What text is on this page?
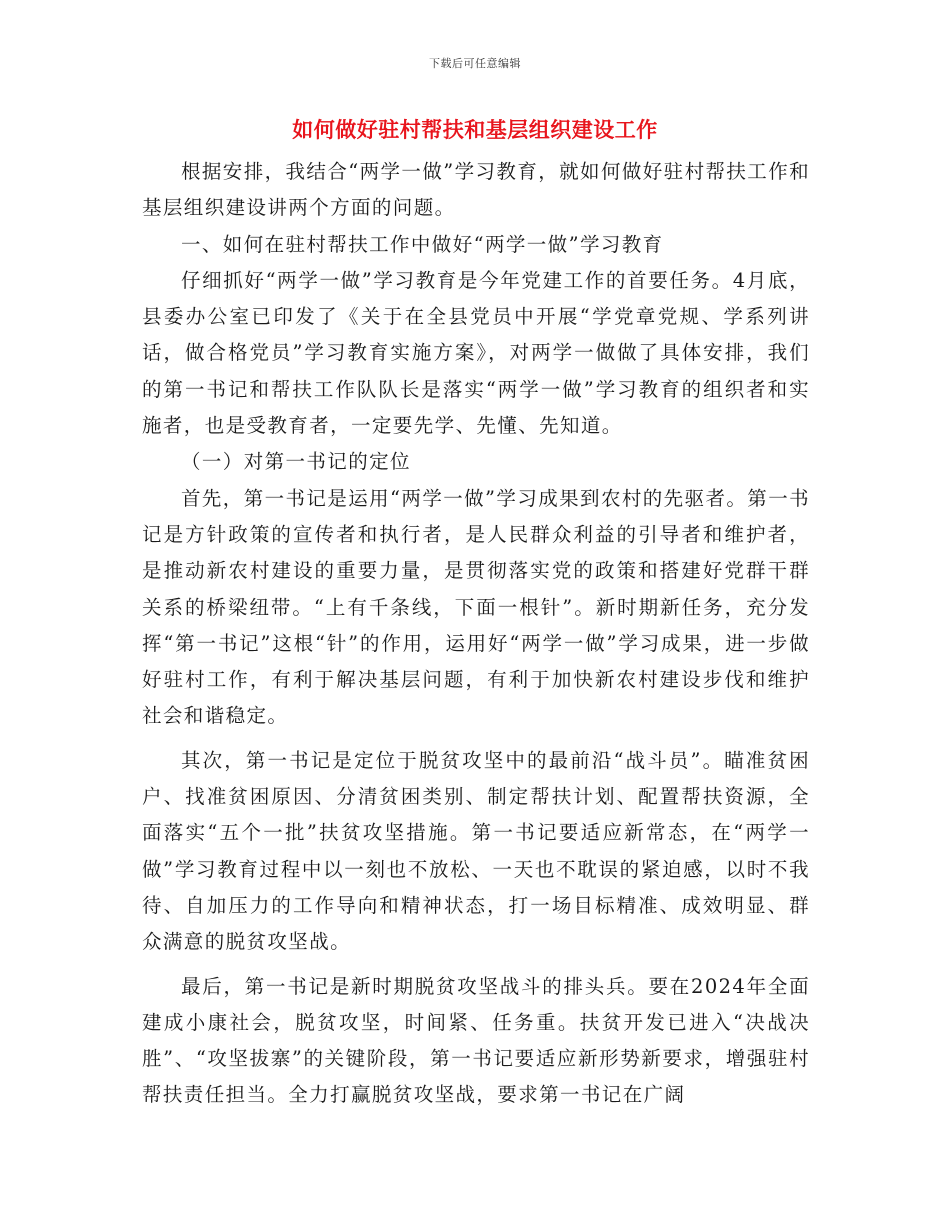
下载后可任意编辑
如何做好驻村帮扶和基层组织建设工作

根据安排，我结合“两学一做”学习教育，就如何做好驻村帮扶工作和基层组织建设讲两个方面的问题。

一、如何在驻村帮扶工作中做好“两学一做”学习教育

仔细抓好“两学一做”学习教育是今年党建工作的首要任务。4月底，县委办公室已印发了《关于在全县党员中开展“学党章党规、学系列讲话，做合格党员”学习教育实施方案》，对两学一做做了具体安排，我们的第一书记和帮扶工作队队长是落实“两学一做”学习教育的组织者和实施者，也是受教育者，一定要先学、先懂、先知道。

（一）对第一书记的定位

首先，第一书记是运用“两学一做”学习成果到农村的先驱者。第一书记是方针政策的宣传者和执行者，是人民群众利益的引导者和维护者，是推动新农村建设的重要力量，是贯彻落实党的政策和搭建好党群干群关系的桥梁纽带。“上有千条线，下面一根针”。新时期新任务，充分发挥“第一书记”这根“针”的作用，运用好“两学一做”学习成果，进一步做好驻村工作，有利于解决基层问题，有利于加快新农村建设步伐和维护社会和谐稳定。

其次，第一书记是定位于脱贫攻坚中的最前沿“战斗员”。瞄准贫困户、找准贫困原因、分清贫困类别、制定帮扶计划、配置帮扶资源，全面落实“五个一批”扶贫攻坚措施。第一书记要适应新常态，在“两学一做”学习教育过程中以一刻也不放松、一天也不耽误的紧迫感，以时不我待、自加压力的工作导向和精神状态，打一场目标精准、成效明显、群众满意的脱贫攻坚战。

最后，第一书记是新时期脱贫攻坚战斗的排头兵。要在2024年全面建成小康社会，脱贫攻坚，时间紧、任务重。扶贫开发已进入“决战决胜”、“攻坚拔寨”的关键阶段，第一书记要适应新形势新要求，增强驻村帮扶责任担当。全力打赢脱贫攻坚战，要求第一书记在广阔
